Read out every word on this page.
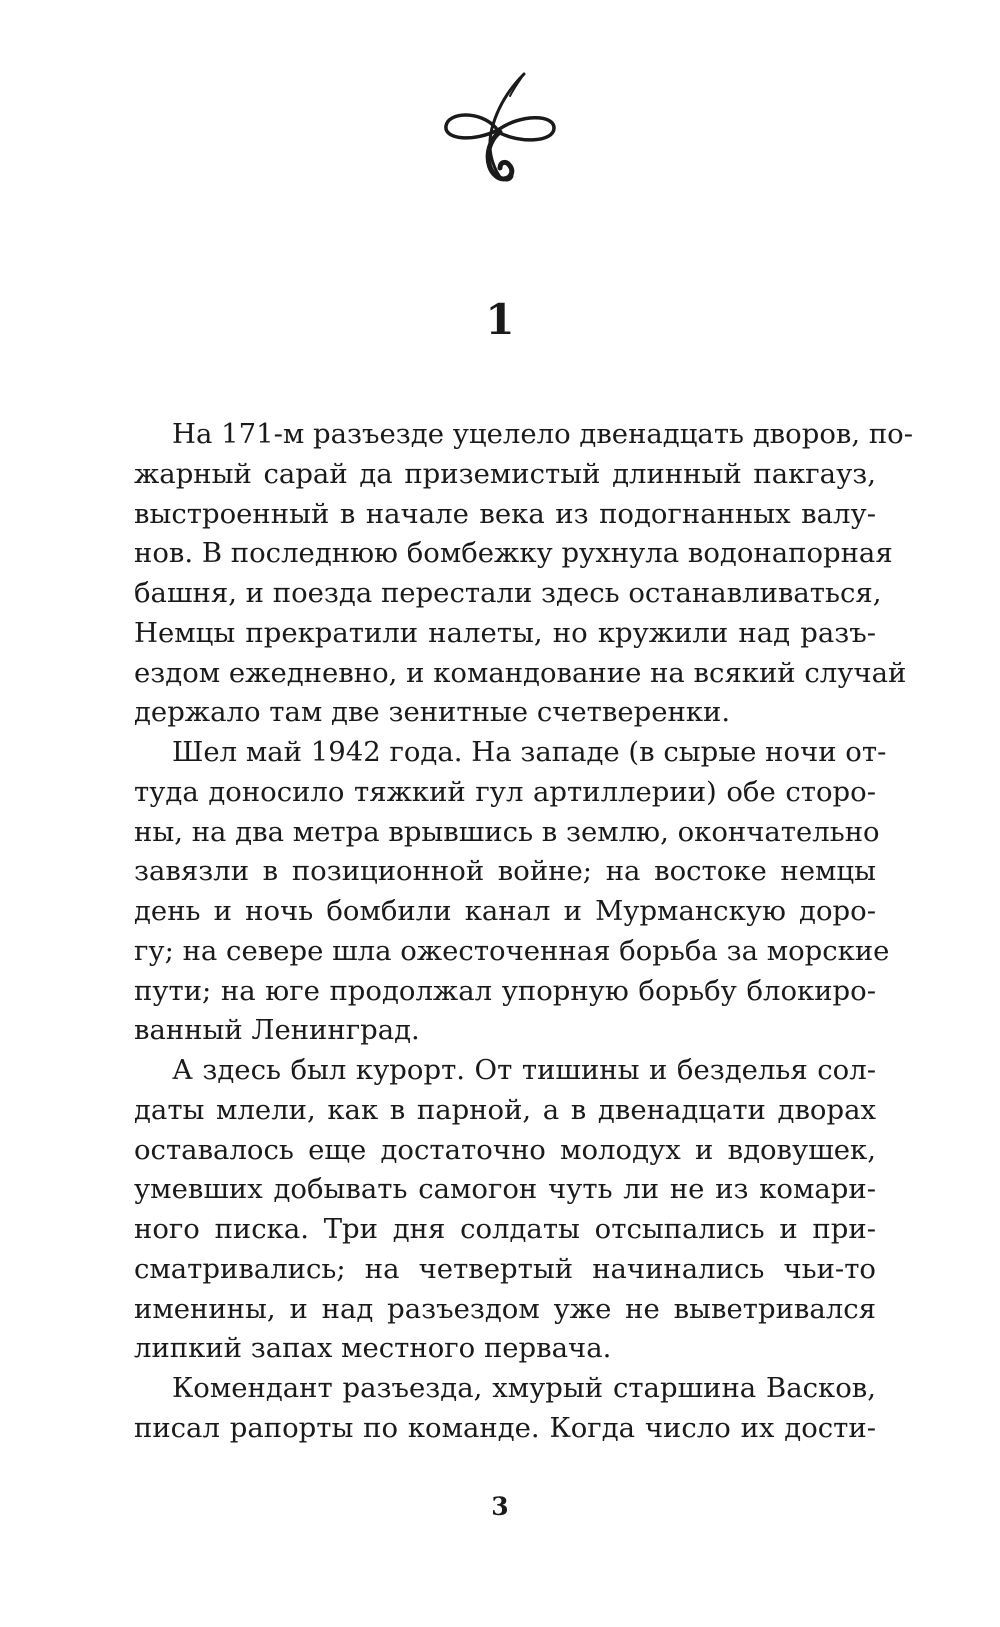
1
На 171-м разъезде уцелело двенадцать дворов, по-
жарный сарай да приземистый длинный пакгауз,
выстроенный в начале века из подогнанных валу-
нов. В последнюю бомбежку рухнула водонапорная
башня, и поезда перестали здесь останавливаться,
Немцы прекратили налеты, но кружили над разъ-
ездом ежедневно, и командование на всякий случай
держало там две зенитные счетверенки.
Шел май 1942 года. На западе (в сырые ночи от-
туда доносило тяжкий гул артиллерии) обе сторо-
ны, на два метра врывшись в землю, окончательно
завязли в позиционной войне; на востоке немцы
день и ночь бомбили канал и Мурманскую доро-
гу; на севере шла ожесточенная борьба за морские
пути; на юге продолжал упорную борьбу блокиро-
ванный Ленинград.
А здесь был курорт. От тишины и безделья сол-
даты млели, как в парной, а в двенадцати дворах
оставалось еще достаточно молодух и вдовушек,
умевших добывать самогон чуть ли не из комари-
ного писка. Три дня солдаты отсыпались и при-
сматривались; на четвертый начинались чьи-то
именины, и над разъездом уже не выветривался
липкий запах местного первача.
Комендант разъезда, хмурый старшина Васков,
писал рапорты по команде. Когда число их дости-
3
